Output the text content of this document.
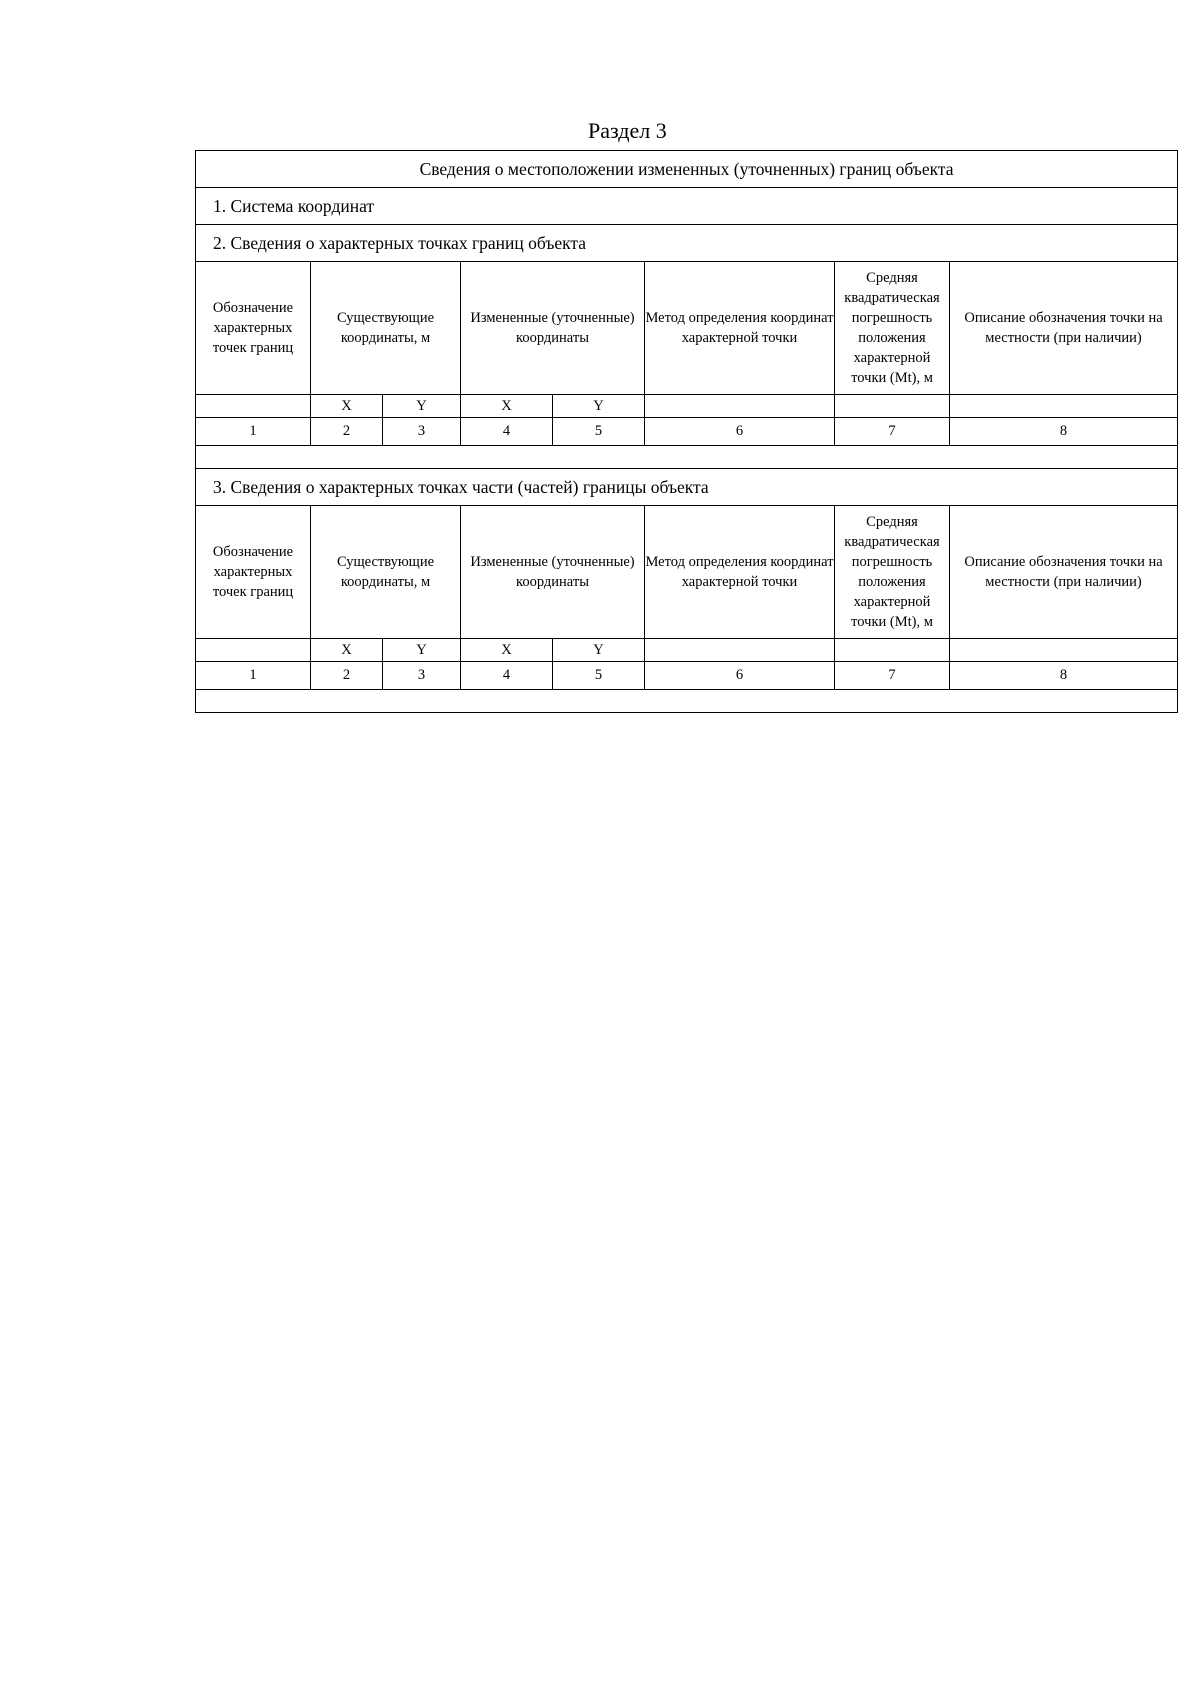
Раздел 3
Сведения о местоположении измененных (уточненных) границ объекта							
1. Система координат							
2. Сведения о характерных точках границ объекта							
Обозначение характерных точек границ	Существующие координаты, м		Измененные (уточненные) координаты		Метод определения координат характерной точки	Средняя квадратическая погрешность положения характерной точки (Mt), м	Описание обозначения точки на местности (при наличии)
	X	Y	X	Y			
1	2	3	4	5	6	7	8

3. Сведения о характерных точках части (частей) границы объекта							
Обозначение характерных точек границ	Существующие координаты, м		Измененные (уточненные) координаты		Метод определения координат характерной точки	Средняя квадратическая погрешность положения характерной точки (Mt), м	Описание обозначения точки на местности (при наличии)
	X	Y	X	Y			
1	2	3	4	5	6	7	8
